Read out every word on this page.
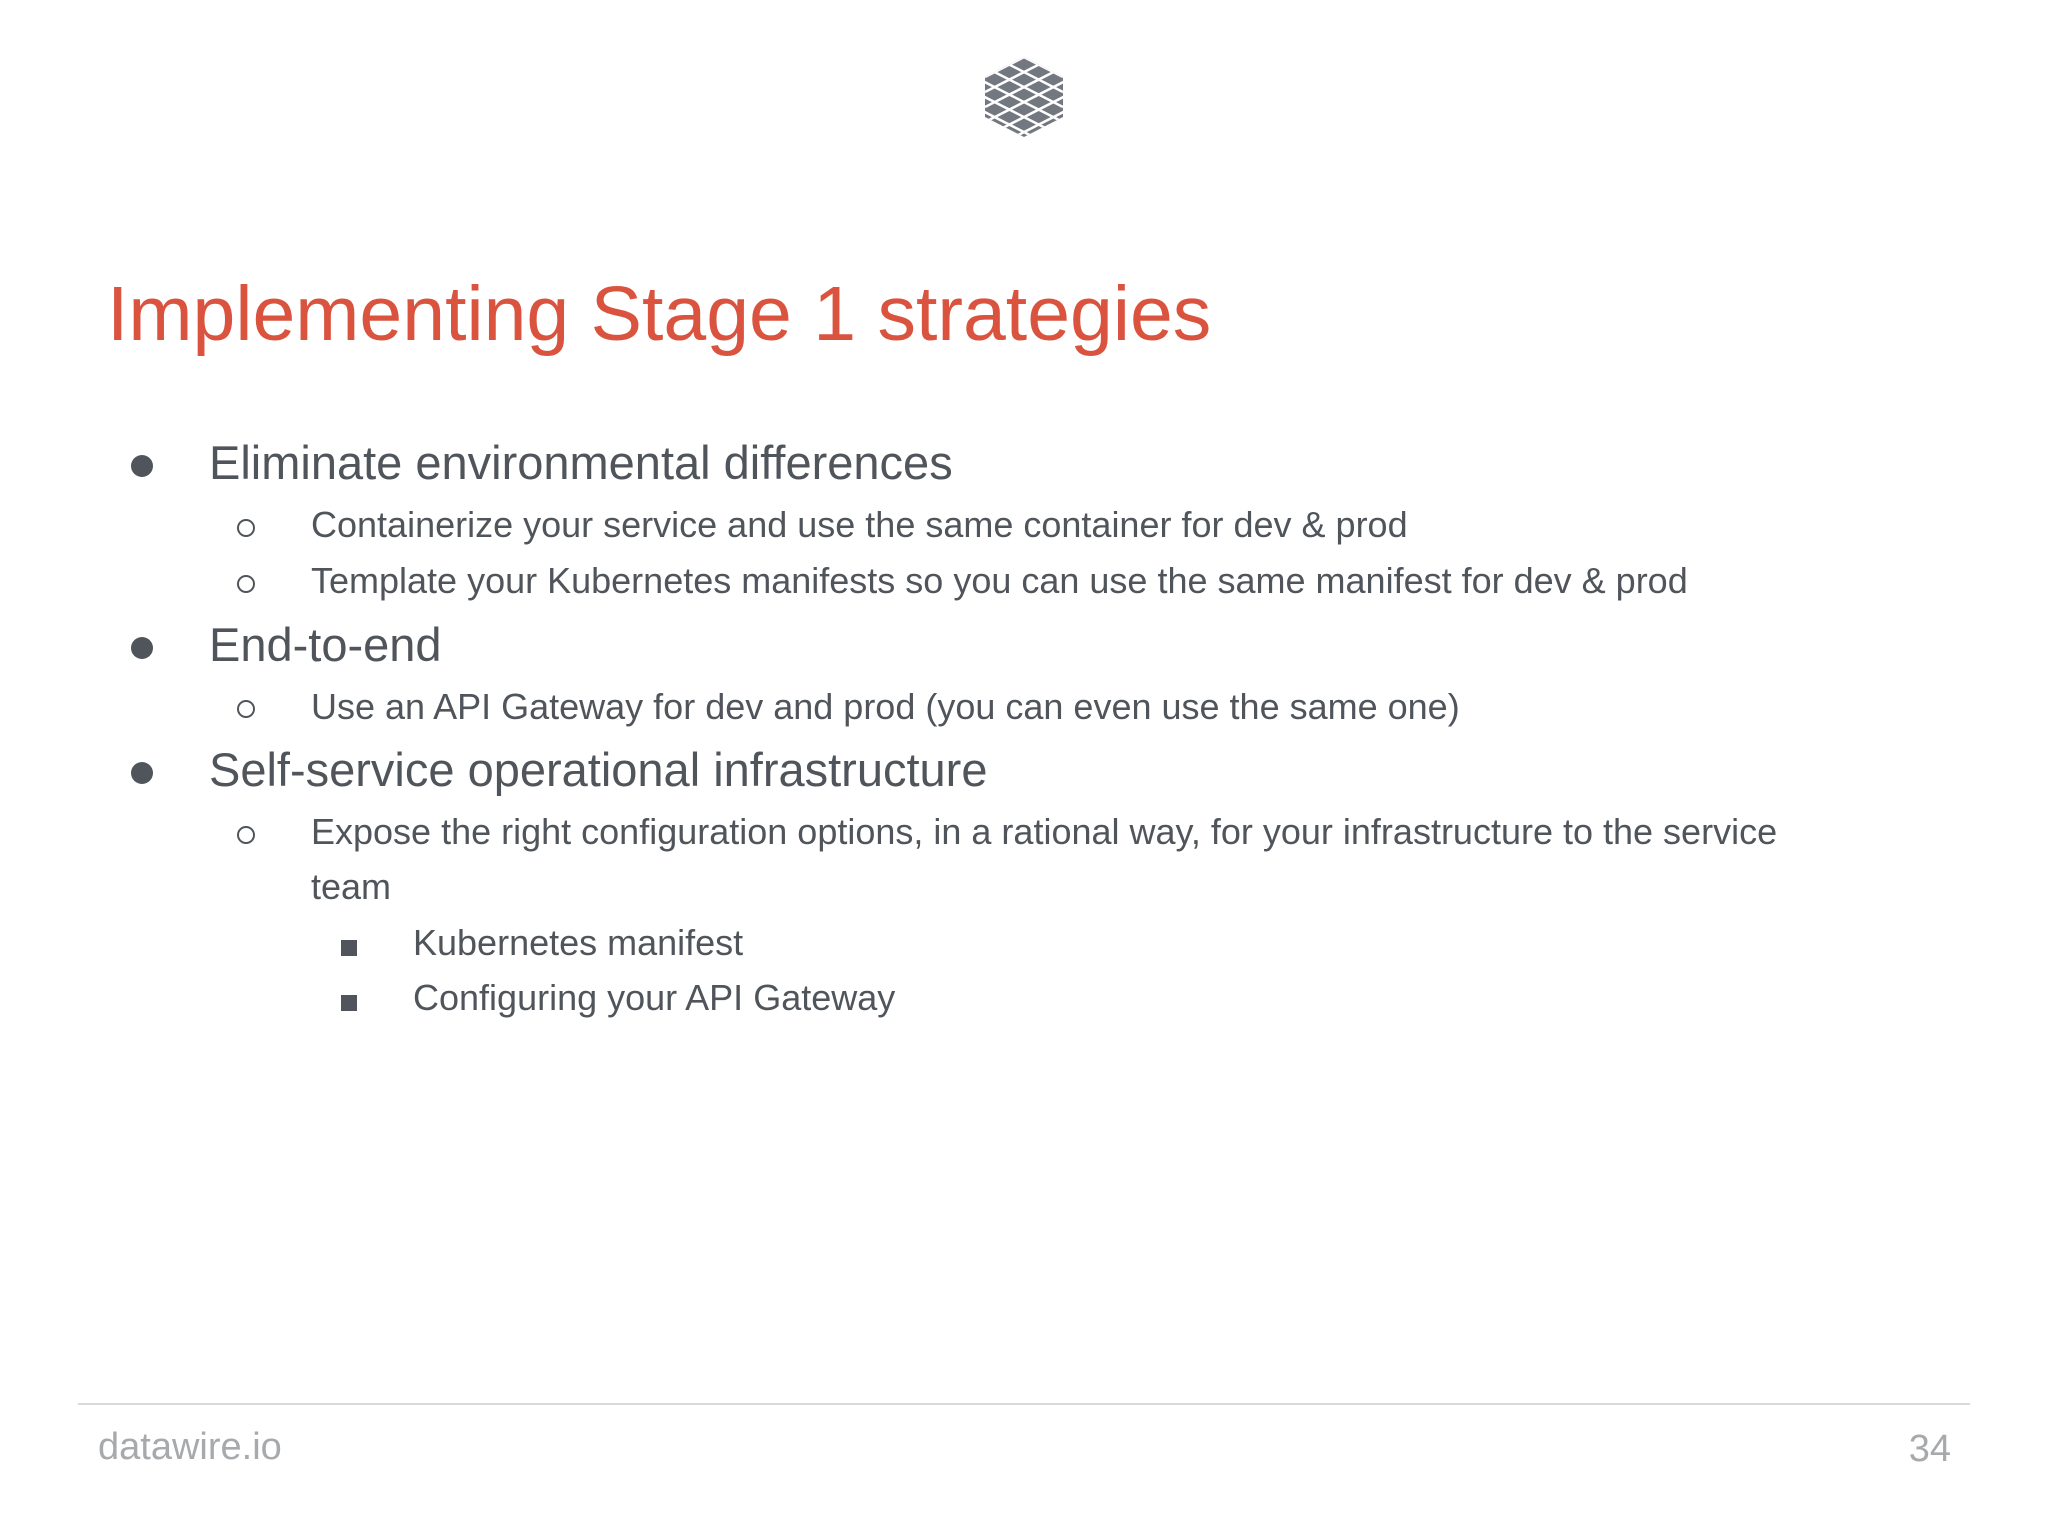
Implementing Stage 1 strategies
Eliminate environmental differences
Containerize your service and use the same container for dev & prod
Template your Kubernetes manifests so you can use the same manifest for dev & prod
End-to-end
Use an API Gateway for dev and prod (you can even use the same one)
Self-service operational infrastructure
Expose the right configuration options, in a rational way, for your infrastructure to the service
team
Kubernetes manifest
Configuring your API Gateway
datawire.io	34
